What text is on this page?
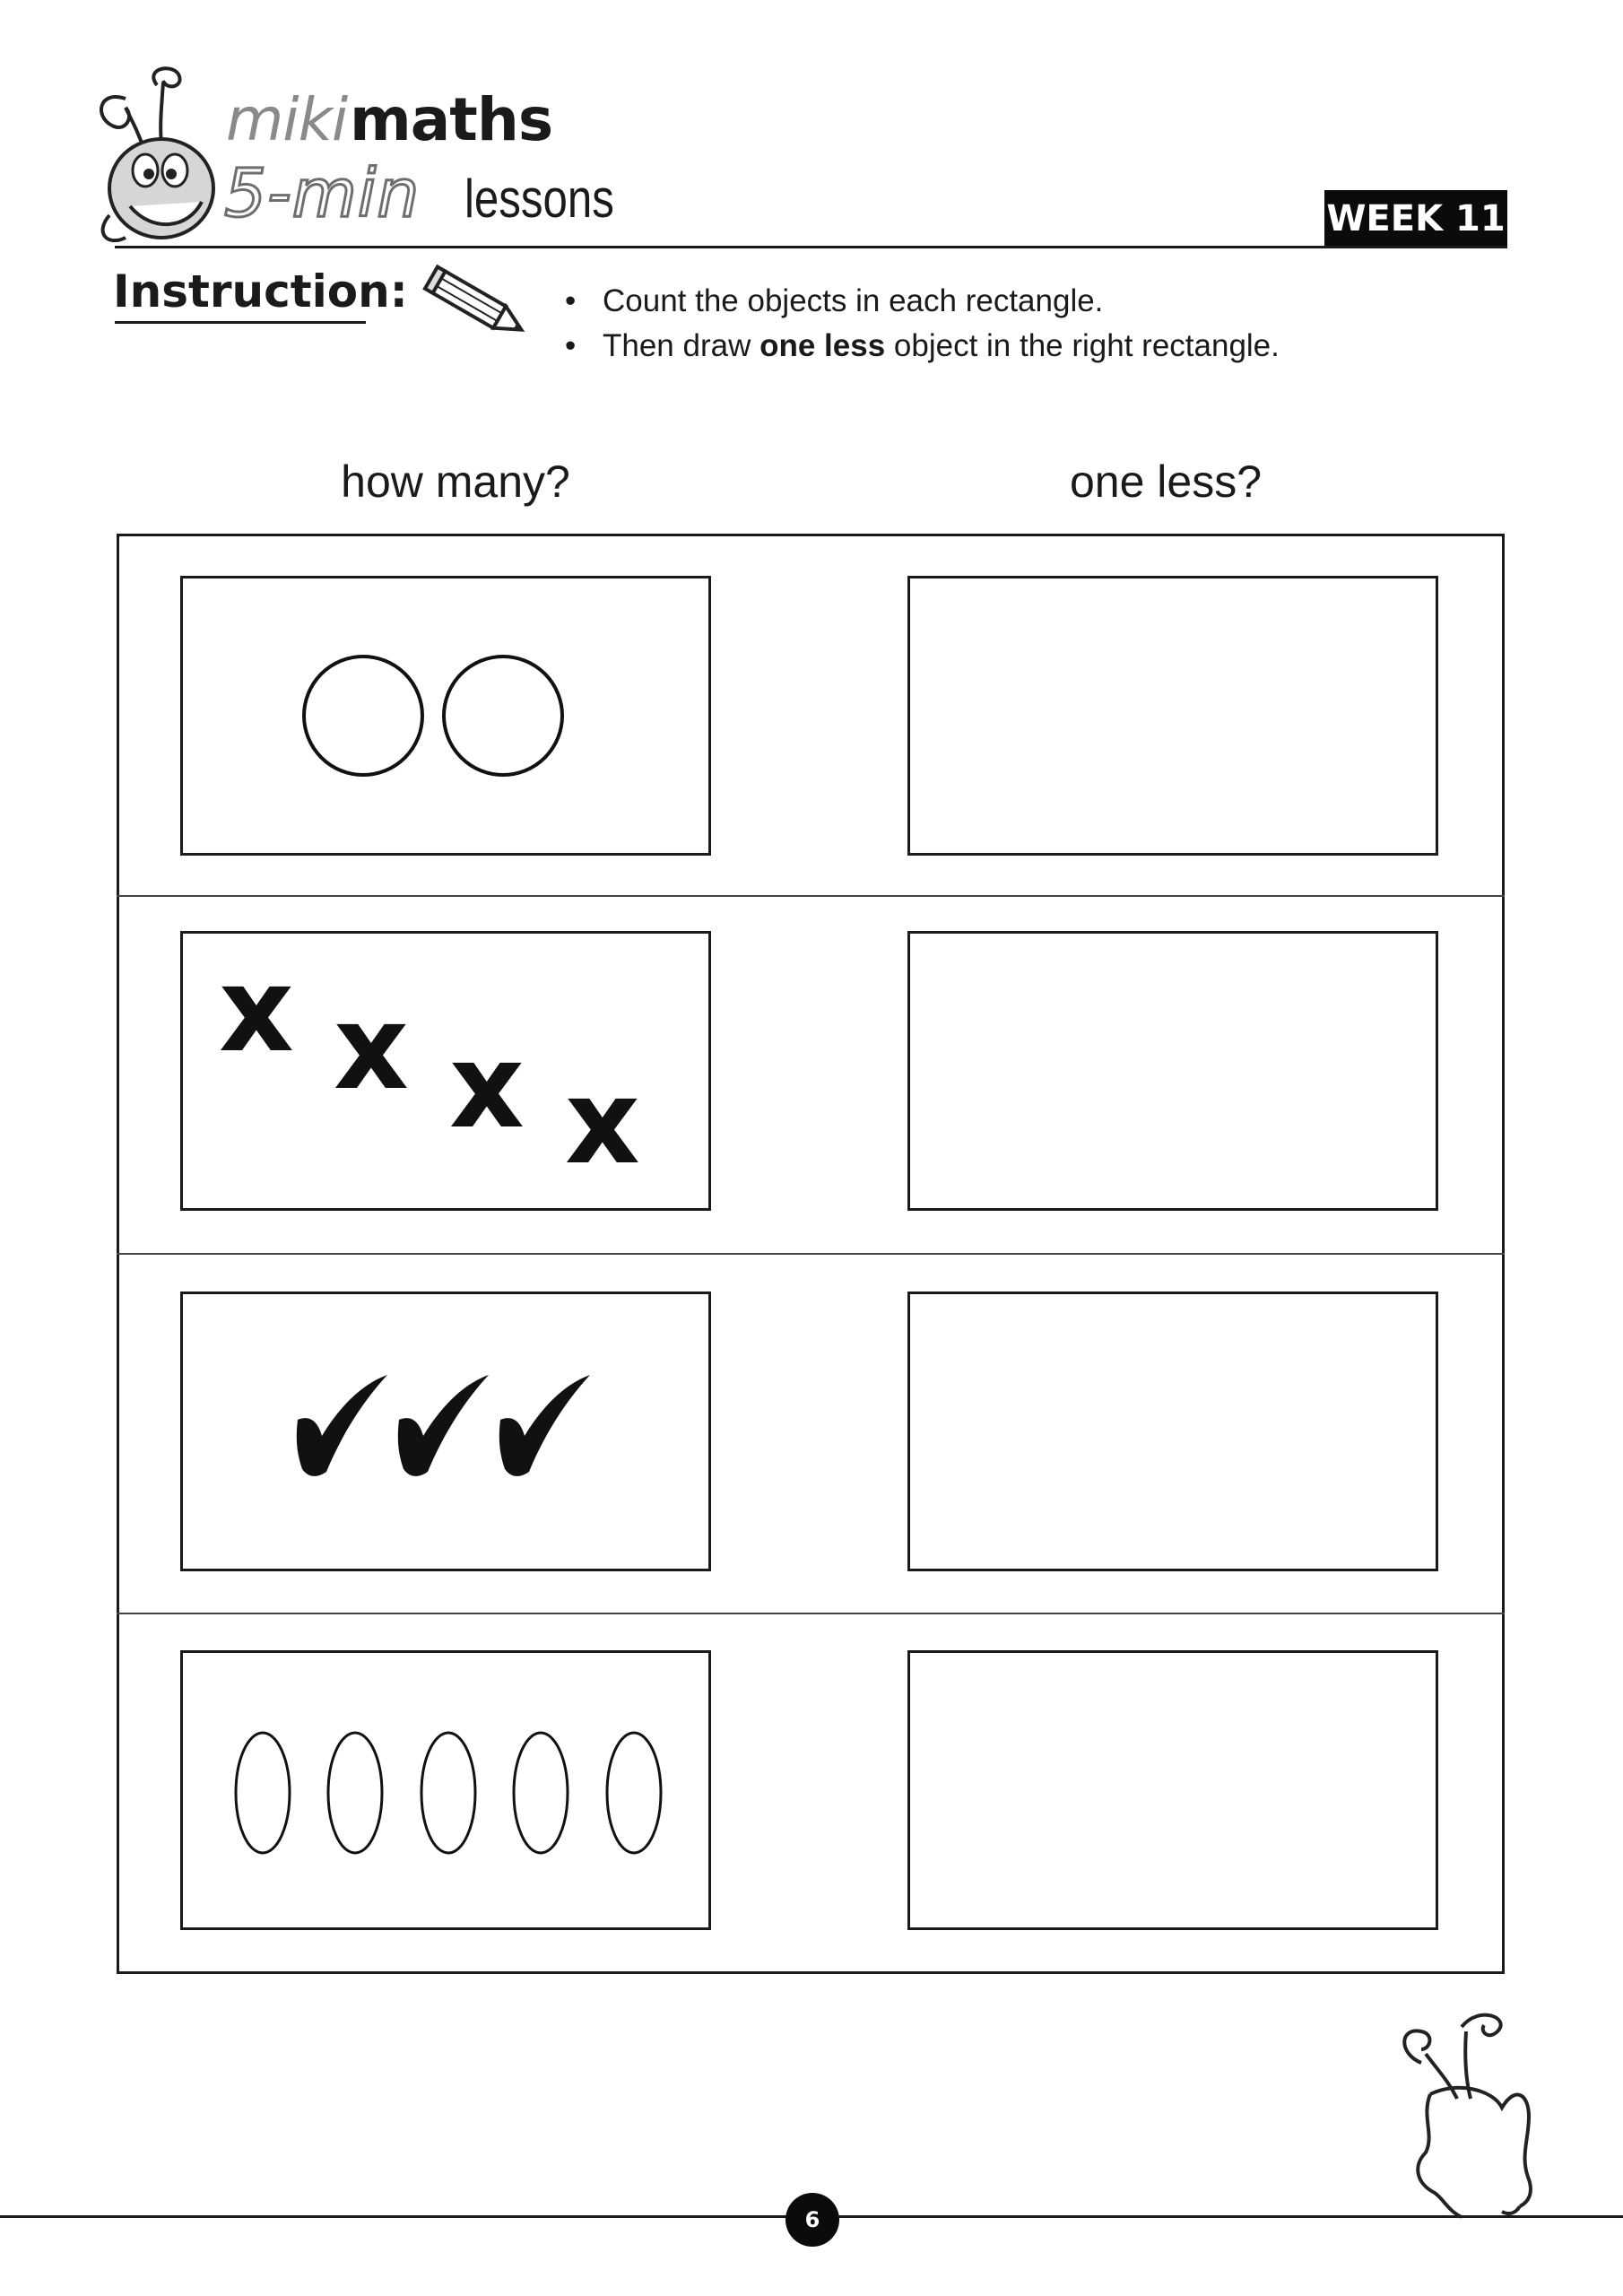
miki maths
5-min lessons	WEEK 11
Instruction:	• Count the objects in each rectangle.
• Then draw one less object in the right rectangle.
how many?	one less?
x x x x
6
